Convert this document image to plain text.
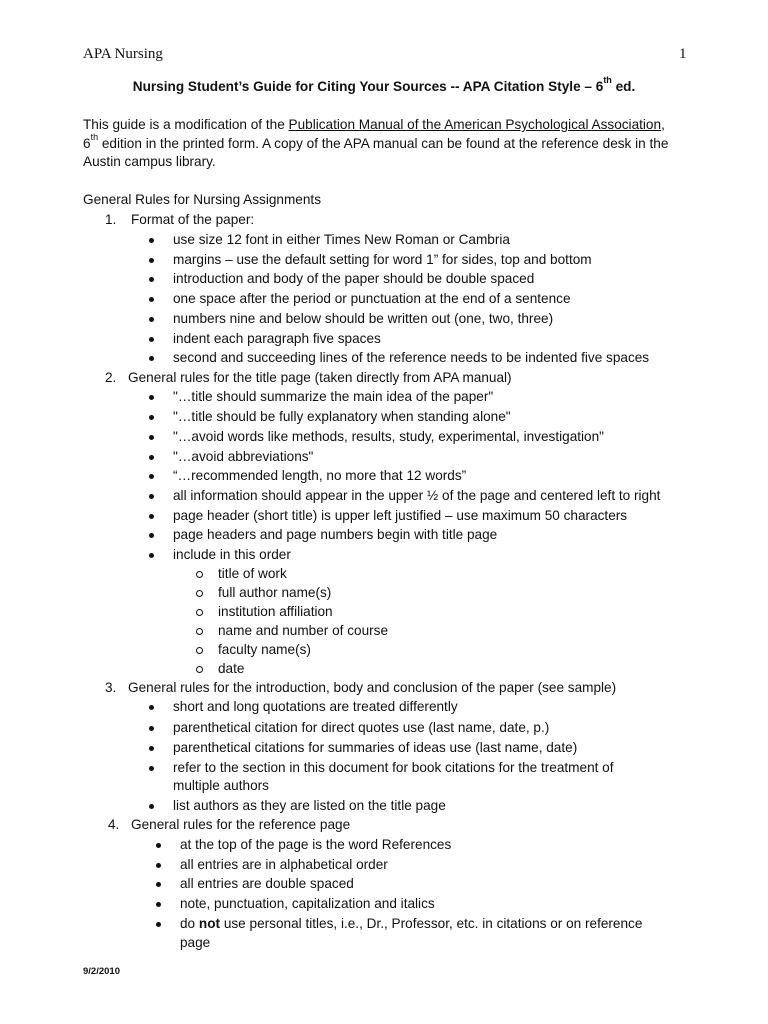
APA Nursing	1
Nursing Student’s Guide for Citing Your Sources -- APA Citation Style – 6th ed.
This guide is a modification of the Publication Manual of the American Psychological Association,
6th edition in the printed form. A copy of the APA manual can be found at the reference desk in the Austin campus library.
General Rules for Nursing Assignments
1. Format of the paper:
use size 12 font in either Times New Roman or Cambria
margins – use the default setting for word 1” for sides, top and bottom
introduction and body of the paper should be double spaced
one space after the period or punctuation at the end of a sentence
numbers nine and below should be written out (one, two, three)
indent each paragraph five spaces
second and succeeding lines of the reference needs to be indented five spaces
2. General rules for the title page (taken directly from APA manual)
"…title should summarize the main idea of the paper"
"…title should be fully explanatory when standing alone"
"…avoid words like methods, results, study, experimental, investigation"
"…avoid abbreviations"
“…recommended length, no more that 12 words”
all information should appear in the upper ½ of the page and centered left to right
page header (short title) is upper left justified – use maximum 50 characters
page headers and page numbers begin with title page
include in this order
title of work
full author name(s)
institution affiliation
name and number of course
faculty name(s)
date
3. General rules for the introduction, body and conclusion of the paper (see sample)
short and long quotations are treated differently
parenthetical citation for direct quotes use (last name, date, p.)
parenthetical citations for summaries of ideas use (last name, date)
refer to the section in this document for book citations for the treatment of
multiple authors
list authors as they are listed on the title page
4. General rules for the reference page
at the top of the page is the word References
all entries are in alphabetical order
all entries are double spaced
note, punctuation, capitalization and italics
do not use personal titles, i.e., Dr., Professor, etc. in citations or on reference
page
9/2/2010
